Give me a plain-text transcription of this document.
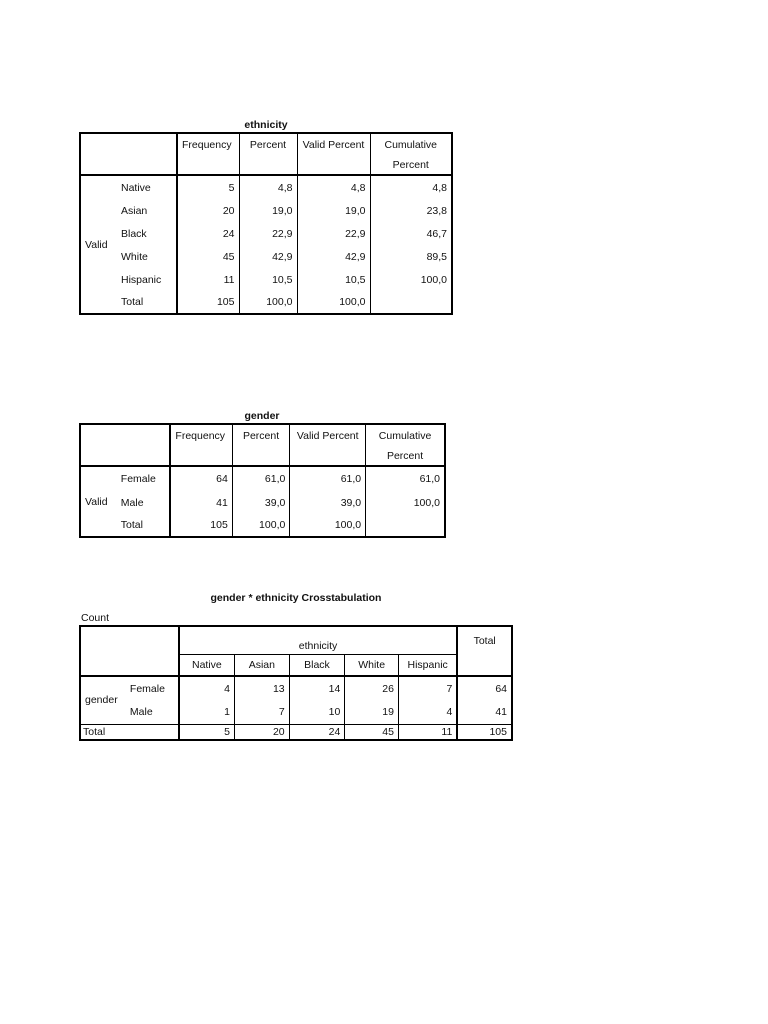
ethnicity
		Frequency	Percent	Valid Percent	Cumulative
					Percent
Valid	Native	5	4,8	4,8	4,8
	Asian	20	19,0	19,0	23,8
	Black	24	22,9	22,9	46,7
	White	45	42,9	42,9	89,5
	Hispanic	11	10,5	10,5	100,0
	Total	105	100,0	100,0	
gender
		Frequency	Percent	Valid Percent	Cumulative
					Percent
Valid	Female	64	61,0	61,0	61,0
	Male	41	39,0	39,0	100,0
	Total	105	100,0	100,0	
gender * ethnicity Crosstabulation
Count
		ethnicity					Total
		Native	Asian	Black	White	Hispanic	
gender	Female	4	13	14	26	7	64
	Male	1	7	10	19	4	41
Total		5	20	24	45	11	105
